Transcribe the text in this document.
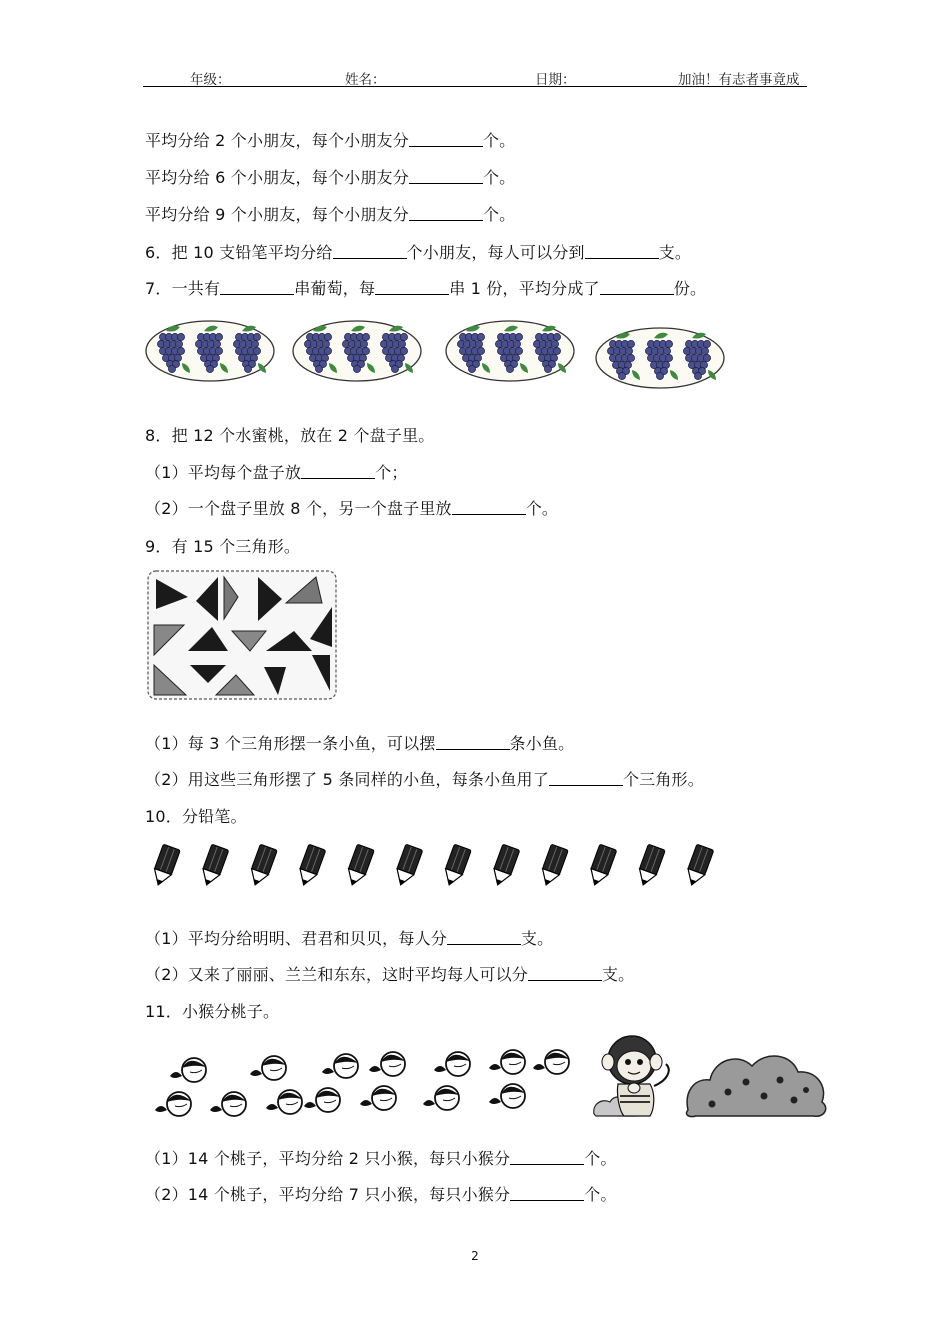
年级：	姓名：	日期：	加油！有志者事竟成
平均分给 2 个小朋友，每个小朋友分	个。
平均分给 6 个小朋友，每个小朋友分	个。
平均分给 9 个小朋友，每个小朋友分	个。
6．把 10 支铅笔平均分给	个小朋友，每人可以分到	支。
7．一共有	串葡萄，每	串 1 份，平均分成了	份。
8．把 12 个水蜜桃，放在 2 个盘子里。
（1）平均每个盘子放	个；
（2）一个盘子里放 8 个，另一个盘子里放	个。
9．有 15 个三角形。
（1）每 3 个三角形摆一条小鱼，可以摆	条小鱼。
（2）用这些三角形摆了 5 条同样的小鱼，每条小鱼用了	个三角形。
10．分铅笔。
（1）平均分给明明、君君和贝贝，每人分	支。
（2）又来了丽丽、兰兰和东东，这时平均每人可以分	支。
11．小猴分桃子。
（1）14 个桃子，平均分给 2 只小猴，每只小猴分	个。
（2）14 个桃子，平均分给 7 只小猴，每只小猴分	个。
2
